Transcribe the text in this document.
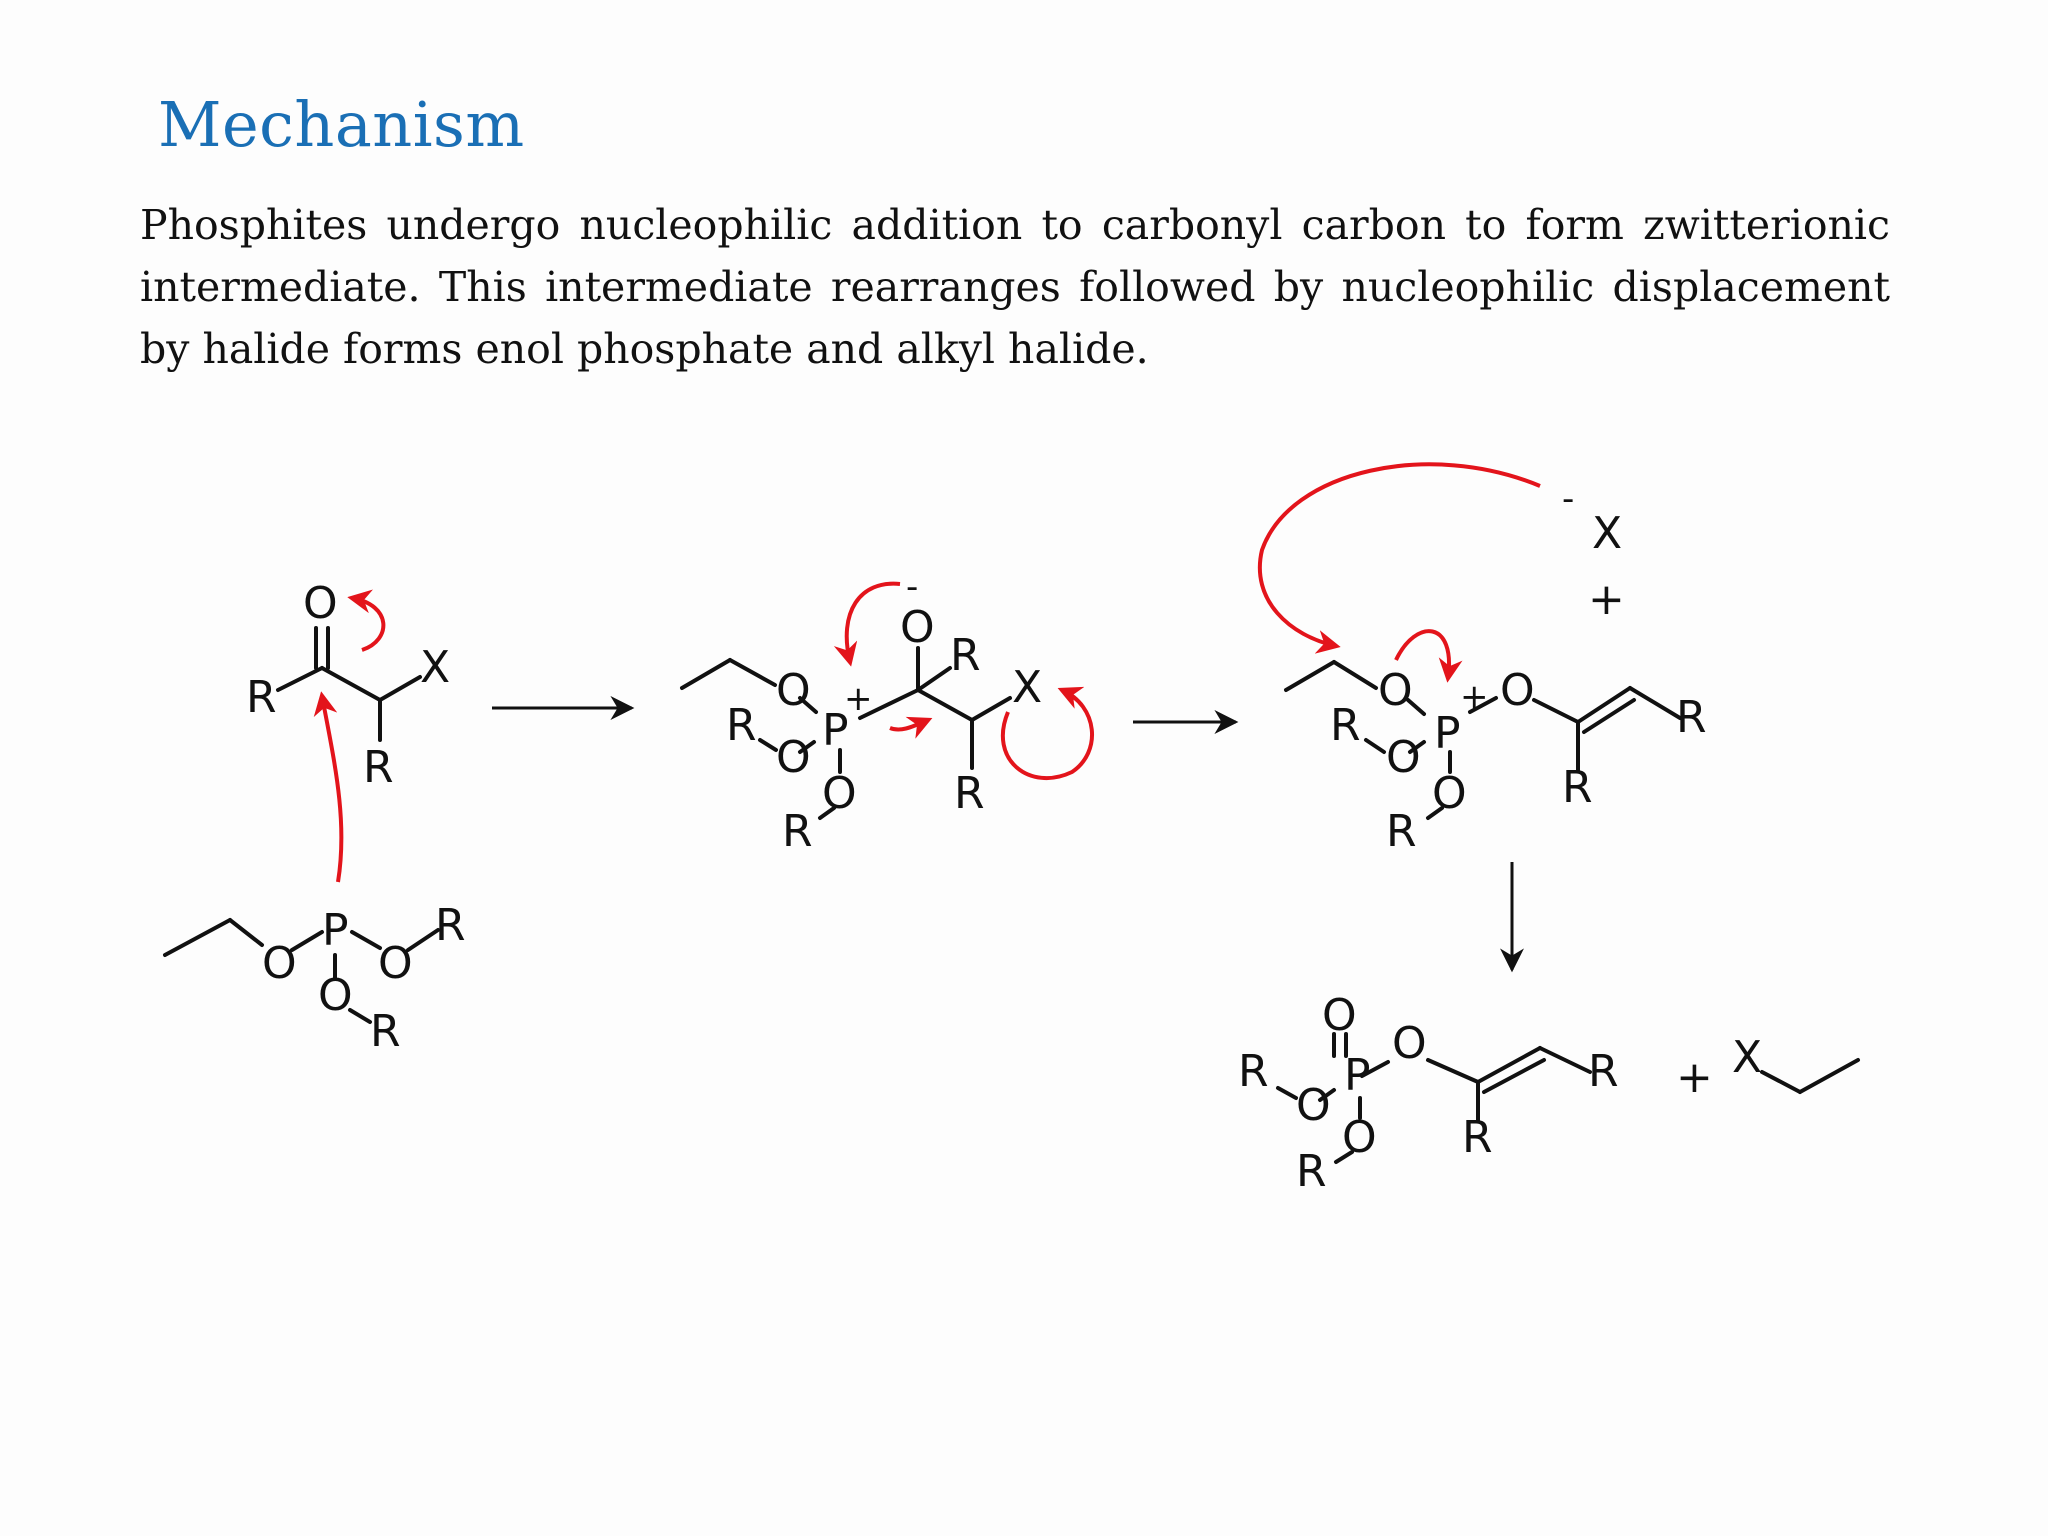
Mechanism
Phosphites undergo nucleophilic addition to carbonyl carbon to form zwitterionic intermediate. This intermediate rearranges followed by nucleophilic displacement by halide forms enol phosphate and alkyl halide.
O
R
X
R
O
P
O
R
O
R
O
P
+
O
-
R
X
R
R
O
O
R
O
P
+ O
R
R
R
O
O
R
-
X
+
O
P
O
R
R
R
O
O
R
+ X
